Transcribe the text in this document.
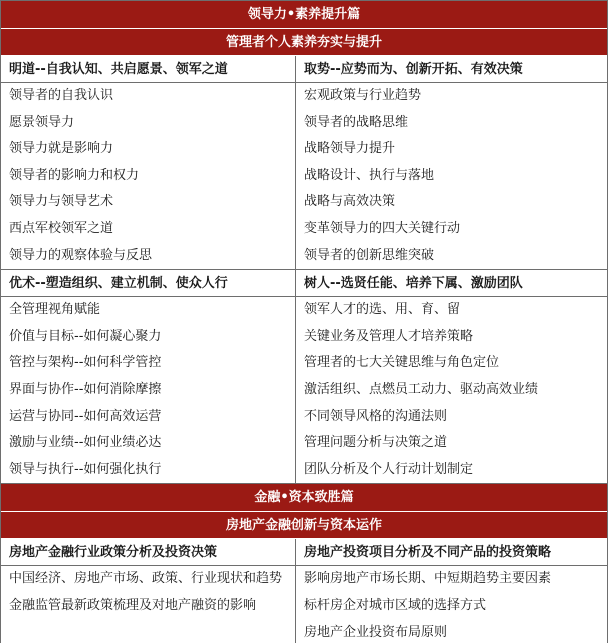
领导力•素养提升篇
管理者个人素养夯实与提升
明道--自我认知、共启愿景、领军之道
领导者的自我认识
愿景领导力
领导力就是影响力
领导者的影响力和权力
领导力与领导艺术
西点军校领军之道
领导力的观察体验与反思
取势--应势而为、创新开拓、有效决策
宏观政策与行业趋势
领导者的战略思维
战略领导力提升
战略设计、执行与落地
战略与高效决策
变革领导力的四大关键行动
领导者的创新思维突破
优术--塑造组织、建立机制、使众人行
全管理视角赋能
价值与目标--如何凝心聚力
管控与架构--如何科学管控
界面与协作--如何消除摩擦
运营与协同--如何高效运营
激励与业绩--如何业绩必达
领导与执行--如何强化执行
树人--选贤任能、培养下属、激励团队
领军人才的选、用、育、留
关键业务及管理人才培养策略
管理者的七大关键思维与角色定位
激活组织、点燃员工动力、驱动高效业绩
不同领导风格的沟通法则
管理问题分析与决策之道
团队分析及个人行动计划制定
金融•资本致胜篇
房地产金融创新与资本运作
房地产金融行业政策分析及投资决策
中国经济、房地产市场、政策、行业现状和趋势
金融监管最新政策梳理及对地产融资的影响
房地产投资项目分析及不同产品的投资策略
影响房地产市场长期、中短期趋势主要因素
标杆房企对城市区域的选择方式
房地产企业投资布局原则
